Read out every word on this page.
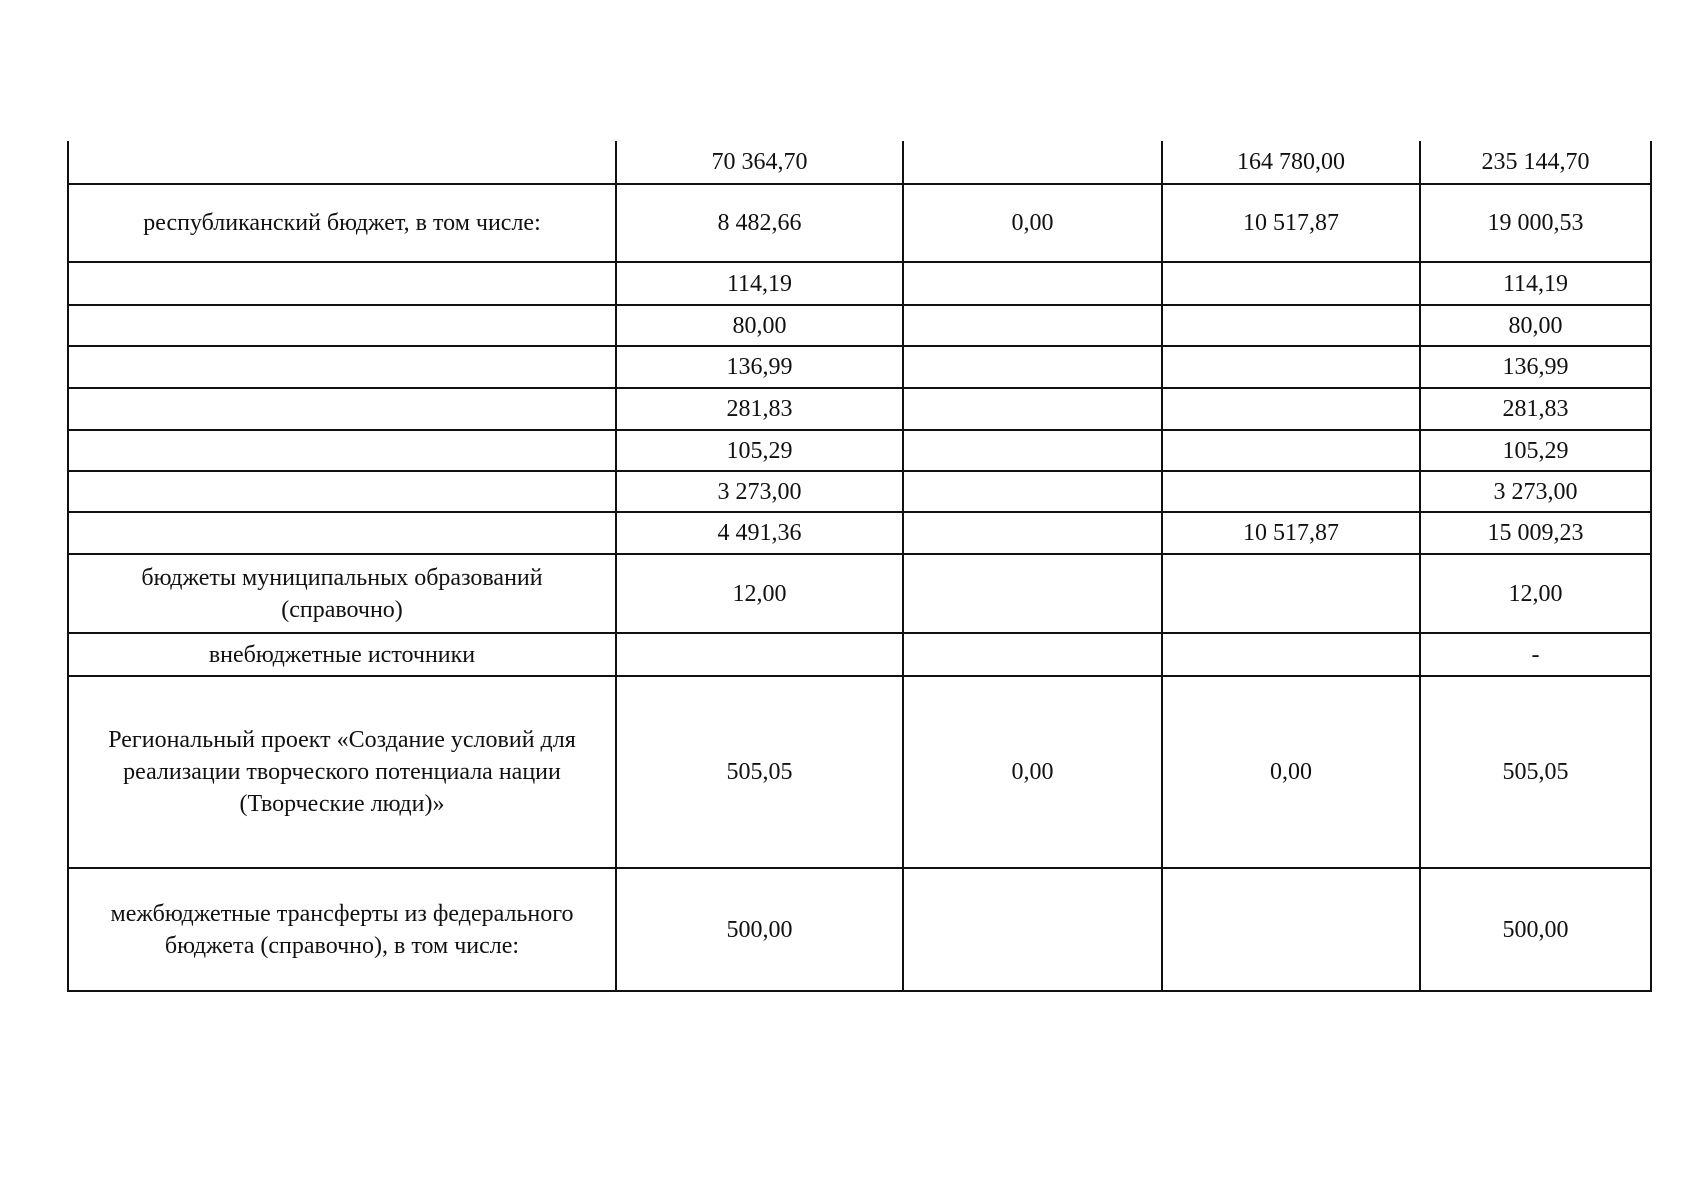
	70 364,70		164 780,00	235 144,70
республиканский бюджет, в том числе:	8 482,66	0,00	10 517,87	19 000,53
	114,19			114,19
	80,00			80,00
	136,99			136,99
	281,83			281,83
	105,29			105,29
	3 273,00			3 273,00
	4 491,36		10 517,87	15 009,23
бюджеты муниципальных образований (справочно)	12,00			12,00
внебюджетные источники				-
Региональный проект «Создание условий для реализации творческого потенциала нации (Творческие люди)»	505,05	0,00	0,00	505,05
межбюджетные трансферты из федерального бюджета (справочно), в том числе:	500,00			500,00
